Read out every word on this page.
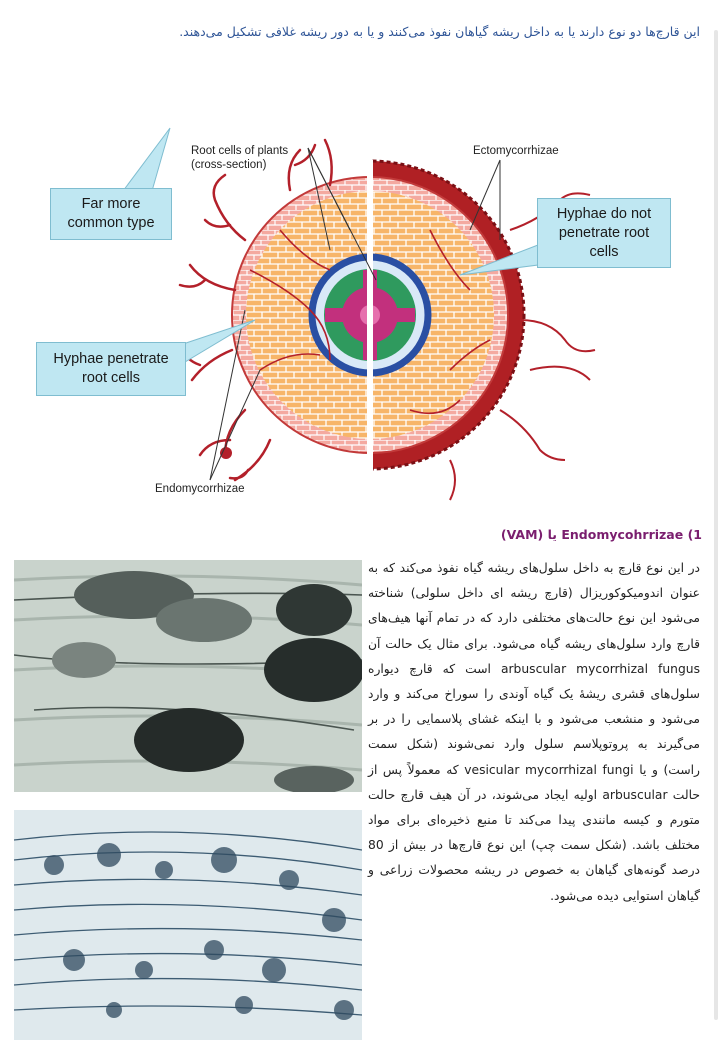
این قارچ‌ها دو نوع دارند یا به داخل ریشه گیاهان نفوذ می‌کنند و یا به دور ریشه غلافی تشکیل می‌دهند.
Far more
common type
Hyphae do not
penetrate root
cells
Hyphae penetrate
root cells
Root cells of plants
(cross-section)
Ectomycorrhizae
Endomycorrhizae
1) Endomycohrrizae یا (VAM)

در این نوع قارچ به داخل سلول‌های ریشه گیاه نفوذ می‌کند که به عنوان اندومیکوکوریزال (قارچ ریشه ای داخل سلولی) شناخته می‌شود این نوع حالت‌های مختلفی دارد که در تمام آنها هیف‌های قارچ وارد سلول‌های ریشه گیاه می‌شود. برای مثال یک حالت آن arbuscular mycorrhizal fungus است که قارچ دیواره سلول‌های قشری ریشهٔ یک گیاه آوندی را سوراخ می‌کند و وارد می‌شود و منشعب می‌شود و با اینکه غشای پلاسمایی را در بر می‌گیرند به پروتوپلاسم سلول وارد نمی‌شوند (شکل سمت راست) و یا vesicular mycorrhizal fungi که معمولاً پس از حالت arbuscular اولیه ایجاد می‌شوند، در آن هیف قارچ حالت متورم و کیسه مانندی پیدا می‌کند تا منبع ذخیره‌ای برای مواد مختلف باشد. (شکل سمت چپ) این نوع قارچ‌ها در بیش از 80 درصد گونه‌های گیاهان به خصوص در ریشه محصولات زراعی و گیاهان استوایی دیده می‌شود.
